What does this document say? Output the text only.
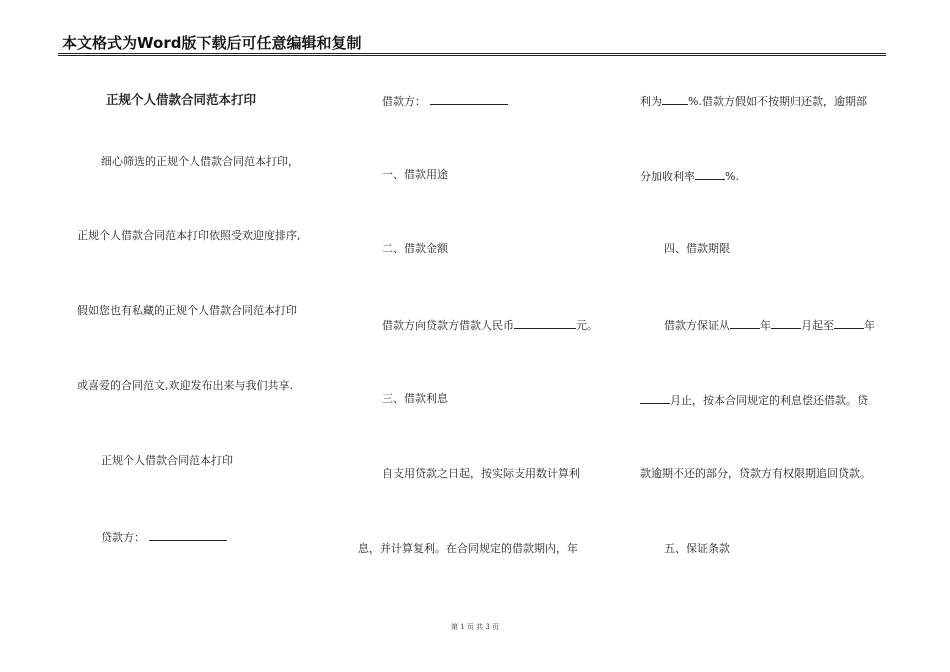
本文格式为Word版下载后可任意编辑和复制
正规个人借款合同范本打印
细心筛选的正规个人借款合同范本打印，
正规个人借款合同范本打印依照受欢迎度排序,
假如您也有私藏的正规个人借款合同范本打印
或喜爱的合同范文,欢迎发布出来与我们共享.
正规个人借款合同范本打印
贷款方：
借款方：
一、借款用途
二、借款金额
借款方向贷款方借款人民币	元。
三、借款利息
自支用贷款之日起，按实际支用数计算利
息，并计算复利。在合同规定的借款期内，年
利为 %.借款方假如不按期归还款，逾期部
分加收利率	%.
四、借款期限
借款方保证从	年	月起至	年
月止，按本合同规定的利息偿还借款。贷
款逾期不还的部分，贷款方有权限期追回贷款。
五、保证条款
第 1 页 共 3 页
